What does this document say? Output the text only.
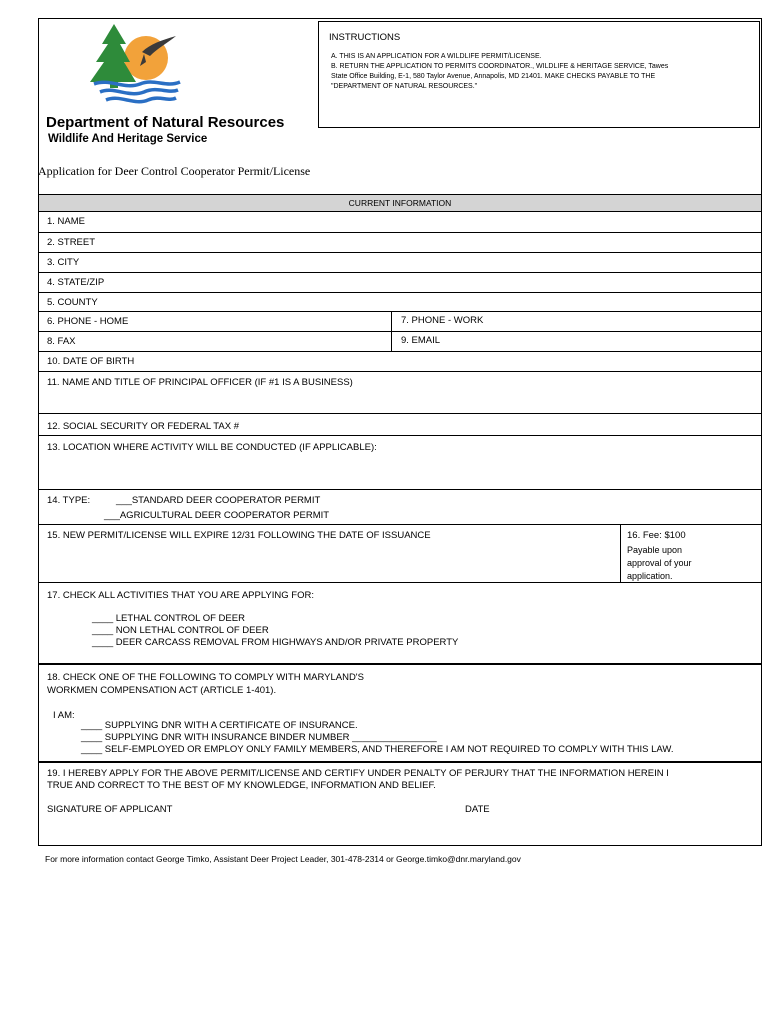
INSTRUCTIONS
A. THIS IS AN APPLICATION FOR A WILDLIFE PERMIT/LICENSE.
B. RETURN THE APPLICATION TO PERMITS COORDINATOR., WILDLIFE & HERITAGE SERVICE, Tawes
State Office Building, E-1, 580 Taylor Avenue, Annapolis, MD 21401. MAKE CHECKS PAYABLE TO THE
"DEPARTMENT OF NATURAL RESOURCES."
Department of Natural Resources
Wildlife And Heritage Service
Application for Deer Control Cooperator Permit/License
CURRENT INFORMATION
1. NAME
2. STREET
3. CITY
4. STATE/ZIP
5. COUNTY
6. PHONE - HOME	7. PHONE - WORK
8. FAX	9. EMAIL
10. DATE OF BIRTH
11. NAME AND TITLE OF PRINCIPAL OFFICER (IF #1 IS A BUSINESS)
12. SOCIAL SECURITY OR FEDERAL TAX #
13. LOCATION WHERE ACTIVITY WILL BE CONDUCTED (IF APPLICABLE):
14. TYPE:	___STANDARD DEER COOPERATOR PERMIT
___AGRICULTURAL DEER COOPERATOR PERMIT
15. NEW PERMIT/LICENSE WILL EXPIRE 12/31 FOLLOWING THE DATE OF ISSUANCE	16. Fee: $100
Payable upon approval of your application.
17. CHECK ALL ACTIVITIES THAT YOU ARE APPLYING FOR:
____ LETHAL CONTROL OF DEER
____ NON LETHAL CONTROL OF DEER
____ DEER CARCASS REMOVAL FROM HIGHWAYS AND/OR PRIVATE PROPERTY
18. CHECK ONE OF THE FOLLOWING TO COMPLY WITH MARYLAND'S
WORKMEN COMPENSATION ACT (ARTICLE 1-401).
I AM:
____ SUPPLYING DNR WITH A CERTIFICATE OF INSURANCE.
____ SUPPLYING DNR WITH INSURANCE BINDER NUMBER ________________
____ SELF-EMPLOYED OR EMPLOY ONLY FAMILY MEMBERS, AND THEREFORE I AM NOT REQUIRED TO COMPLY WITH THIS LAW.
19. I HEREBY APPLY FOR THE ABOVE PERMIT/LICENSE AND CERTIFY UNDER PENALTY OF PERJURY THAT THE INFORMATION HEREIN I
TRUE AND CORRECT TO THE BEST OF MY KNOWLEDGE, INFORMATION AND BELIEF.
SIGNATURE OF APPLICANT	DATE
For more information contact George Timko, Assistant Deer Project Leader, 301-478-2314 or George.timko@dnr.maryland.gov
